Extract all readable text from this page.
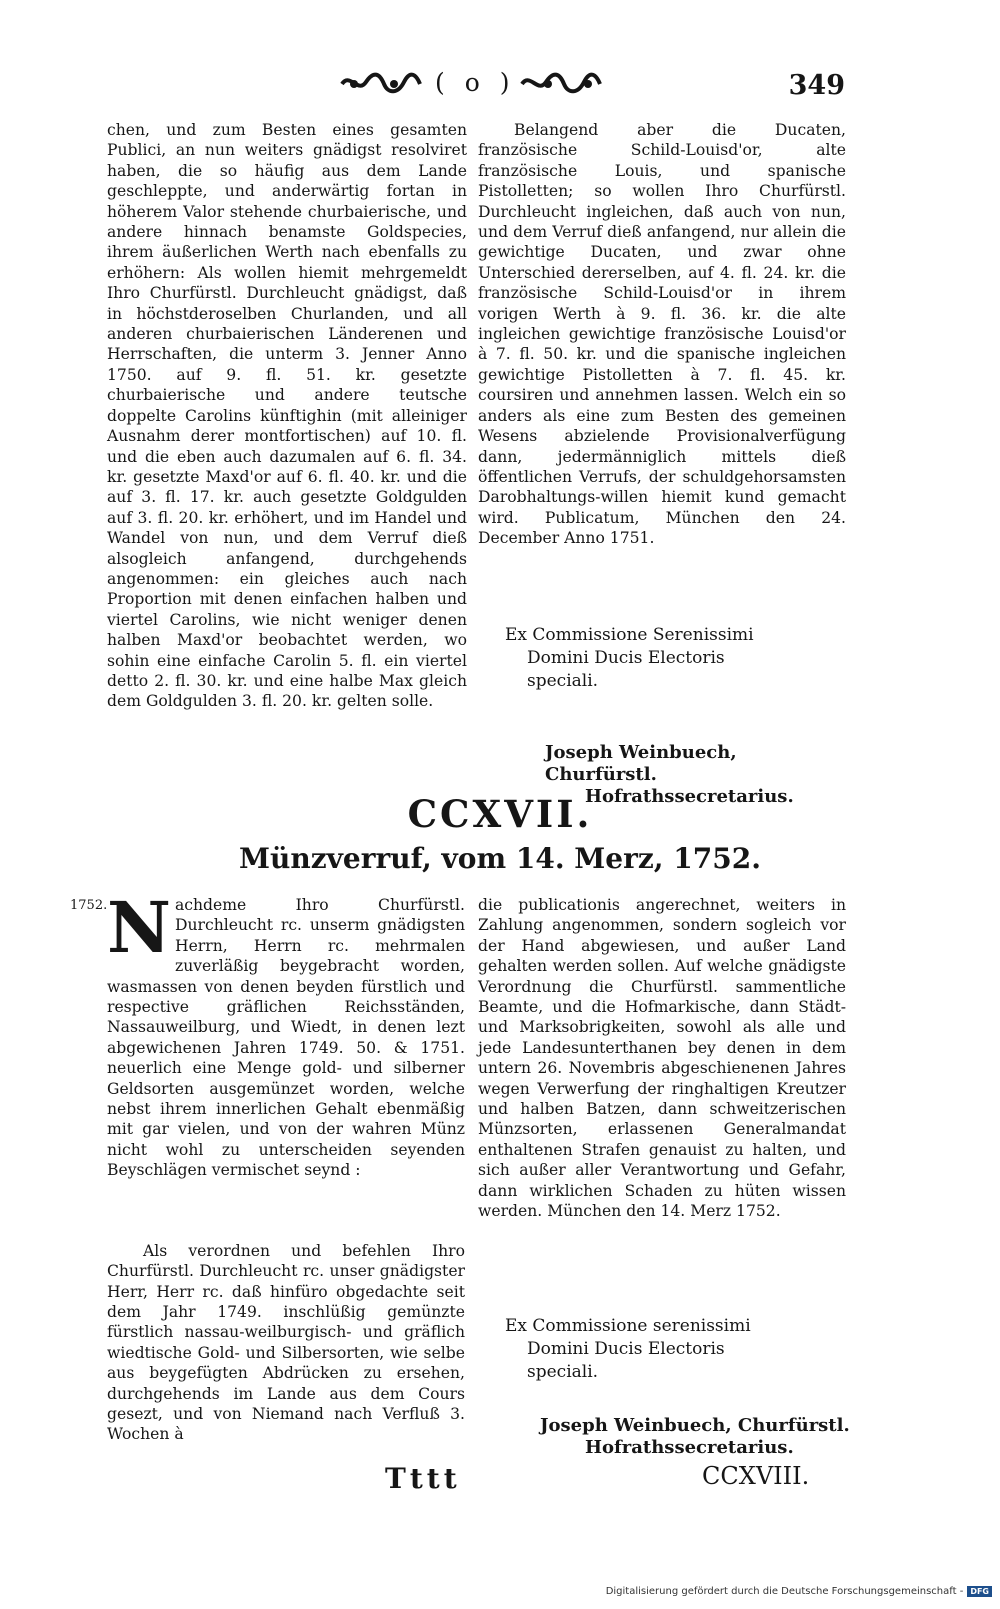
( o )	349

chen, und zum Besten eines gesamten Publici, an nun weiters gnädigst resolviret haben, die so häufig aus dem Lande geschleppte, und anderwärtig fortan in höherem Valor stehende churbaierische, und andere hinnach benamste Goldspecies, ihrem äußerlichen Werth nach ebenfalls zu erhöhern: Als wollen hiemit mehrgemeldt Ihro Churfürstl. Durchleucht gnädigst, daß in höchstderoselben Churlanden, und all anderen churbaierischen Länderenen und Herrschaften, die unterm 3. Jenner Anno 1750. auf 9. fl. 51. kr. gesetzte churbaierische und andere teutsche doppelte Carolins künftighin (mit alleiniger Ausnahm derer montfortischen) auf 10. fl. und die eben auch dazumalen auf 6. fl. 34. kr. gesetzte Maxd'or auf 6. fl. 40. kr. und die auf 3. fl. 17. kr. auch gesetzte Goldgulden auf 3. fl. 20. kr. erhöhert, und im Handel und Wandel von nun, und dem Verruf dieß alsogleich anfangend, durchgehends angenommen: ein gleiches auch nach Proportion mit denen einfachen halben und viertel Carolins, wie nicht weniger denen halben Maxd'or beobachtet werden, wo sohin eine einfache Carolin 5. fl. ein viertel detto 2. fl. 30. kr. und eine halbe Max gleich dem Goldgulden 3. fl. 20. kr. gelten solle.

Belangend aber die Ducaten, französische Schild-Louisd'or, alte französische Louis, und spanische Pistolletten; so wollen Ihro Churfürstl. Durchleucht ingleichen, daß auch von nun, und dem Verruf dieß anfangend, nur allein die gewichtige Ducaten, und zwar ohne Unterschied dererselben, auf 4. fl. 24. kr. die französische Schild-Louisd'or in ihrem vorigen Werth à 9. fl. 36. kr. die alte ingleichen gewichtige französische Louisd'or à 7. fl. 50. kr. und die spanische ingleichen gewichtige Pistolletten à 7. fl. 45. kr. coursiren und annehmen lassen. Welch ein so anders als eine zum Besten des gemeinen Wesens abzielende Provisionalverfügung dann, jedermänniglich mittels dieß öffentlichen Verrufs, der schuldgehorsamsten Darobhaltungs-willen hiemit kund gemacht wird. Publicatum, München den 24. December Anno 1751.

Ex Commissione Serenissimi
Domini Ducis Electoris
speciali.
Joseph Weinbuech, Churfürstl.
Hofrathssecretarius.
CCXVII.
Münzverruf, vom 14. Merz, 1752.
1752. Nachdeme Ihro Churfürstl. Durchleucht rc. unserm gnädigsten Herrn, Herrn rc. mehrmalen zuverläßig beygebracht worden, wasmassen von denen beyden fürstlich und respective gräflichen Reichsständen, Nassauweilburg, und Wiedt, in denen lezt abgewichenen Jahren 1749. 50. & 1751. neuerlich eine Menge gold- und silberner Geldsorten ausgemünzet worden, welche nebst ihrem innerlichen Gehalt ebenmäßig mit gar vielen, und von der wahren Münz nicht wohl zu unterscheiden seyenden Beyschlägen vermischet seynd :

Als verordnen und befehlen Ihro Churfürstl. Durchleucht rc. unser gnädigster Herr, Herr rc. daß hinfüro obgedachte seit dem Jahr 1749. inschlüßig gemünzte fürstlich nassau-weilburgisch- und gräflich wiedtische Gold- und Silbersorten, wie selbe aus beygefügten Abdrücken zu ersehen, durchgehends im Lande aus dem Cours gesezt, und von Niemand nach Verfluß 3. Wochen à

die publicationis angerechnet, weiters in Zahlung angenommen, sondern sogleich vor der Hand abgewiesen, und außer Land gehalten werden sollen. Auf welche gnädigste Verordnung die Churfürstl. sammentliche Beamte, und die Hofmarkische, dann Städt- und Marksobrigkeiten, sowohl als alle und jede Landesunterthanen bey denen in dem untern 26. Novembris abgeschienenen Jahres wegen Verwerfung der ringhaltigen Kreutzer und halben Batzen, dann schweitzerischen Münzsorten, erlassenen Generalmandat enthaltenen Strafen genauist zu halten, und sich außer aller Verantwortung und Gefahr, dann wirklichen Schaden zu hüten wissen werden. München den 14. Merz 1752.

Ex Commissione serenissimi
Domini Ducis Electoris
speciali.
Joseph Weinbuech, Churfürstl.
Hofrathssecretarius.
Tttt	CCXVIII.
Digitalisierung gefördert durch die Deutsche Forschungsgemeinschaft - DFG
